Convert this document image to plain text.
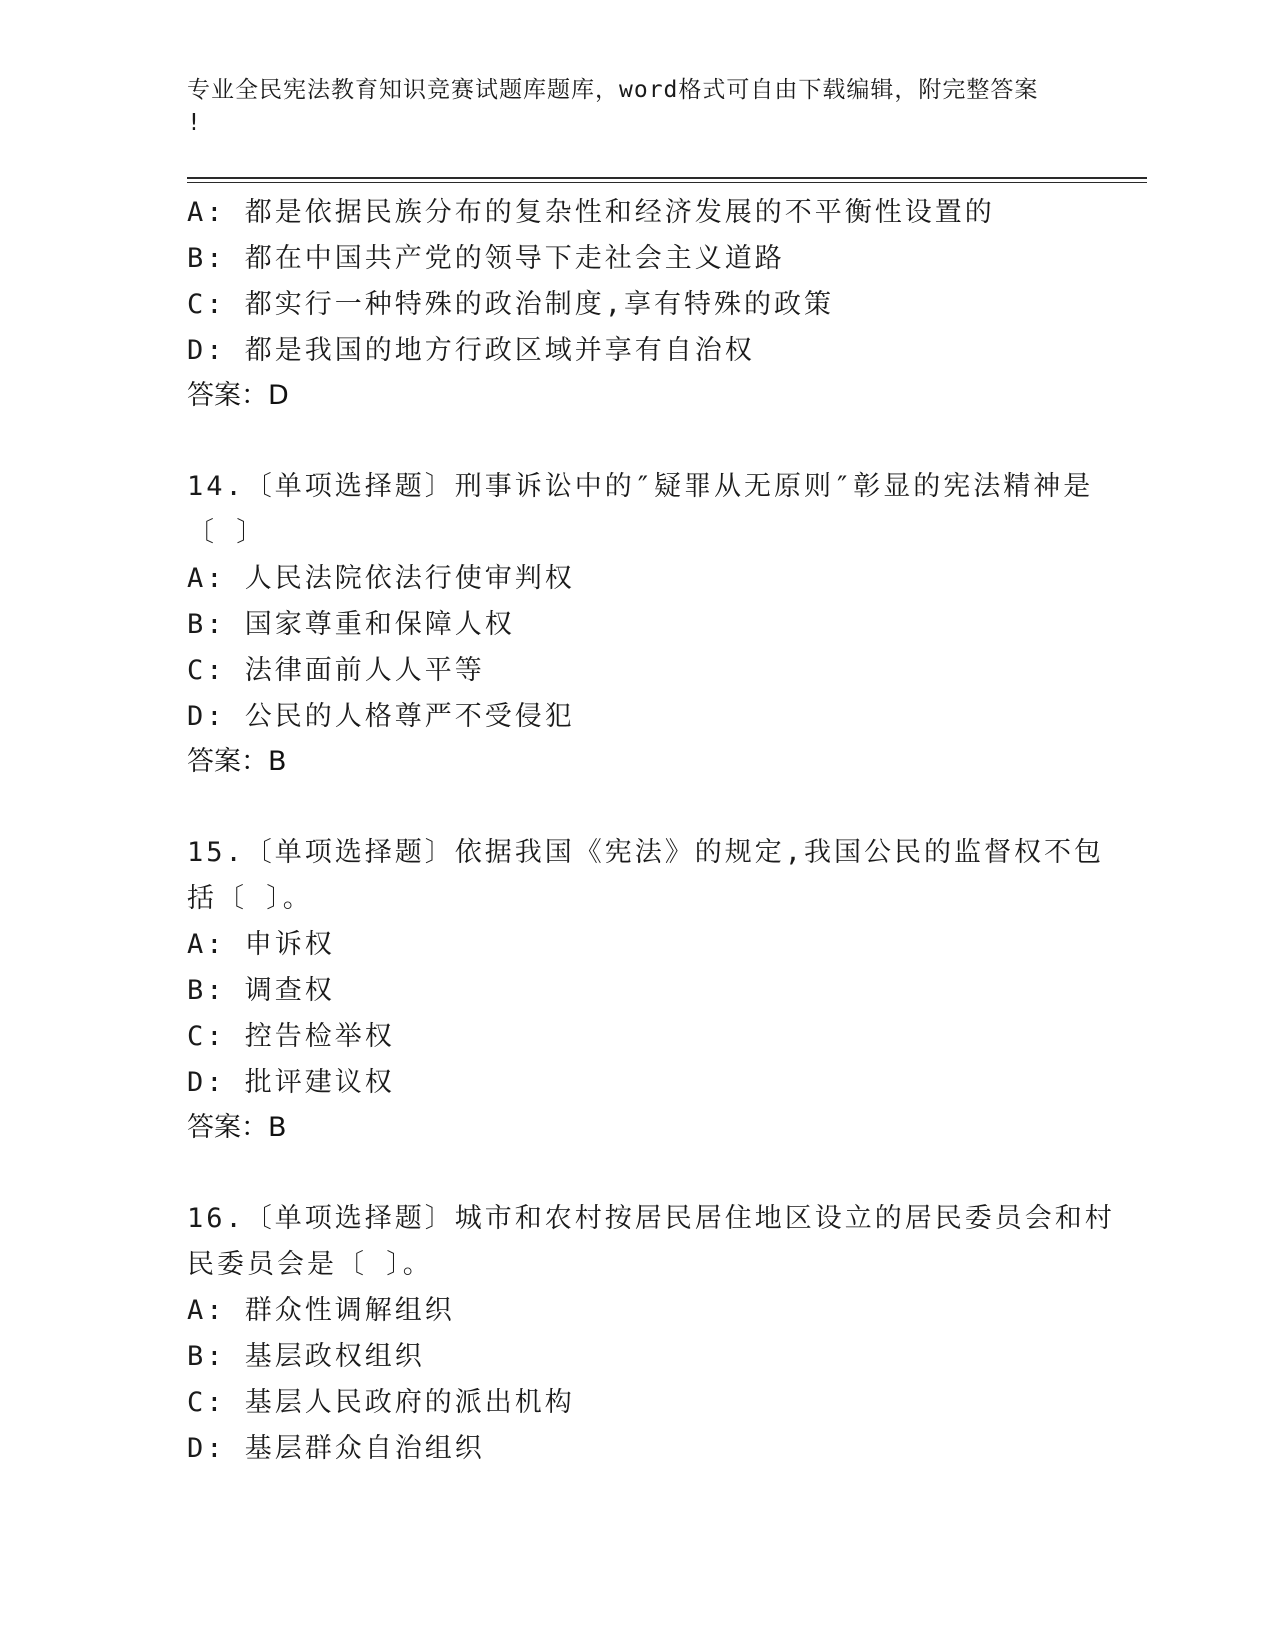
专业全民宪法教育知识竞赛试题库题库，word格式可自由下载编辑，附完整答案
!
A: 都是依据民族分布的复杂性和经济发展的不平衡性设置的
B: 都在中国共产党的领导下走社会主义道路
C: 都实行一种特殊的政治制度,享有特殊的政策
D: 都是我国的地方行政区域并享有自治权
答案：D
14.〔单项选择题〕刑事诉讼中的″疑罪从无原则″彰显的宪法精神是
〔 〕
A: 人民法院依法行使审判权
B: 国家尊重和保障人权
C: 法律面前人人平等
D: 公民的人格尊严不受侵犯
答案：B
15.〔单项选择题〕依据我国《宪法》的规定,我国公民的监督权不包
括〔 〕。
A: 申诉权
B: 调查权
C: 控告检举权
D: 批评建议权
答案：B
16.〔单项选择题〕城市和农村按居民居住地区设立的居民委员会和村
民委员会是〔 〕。
A: 群众性调解组织
B: 基层政权组织
C: 基层人民政府的派出机构
D: 基层群众自治组织
